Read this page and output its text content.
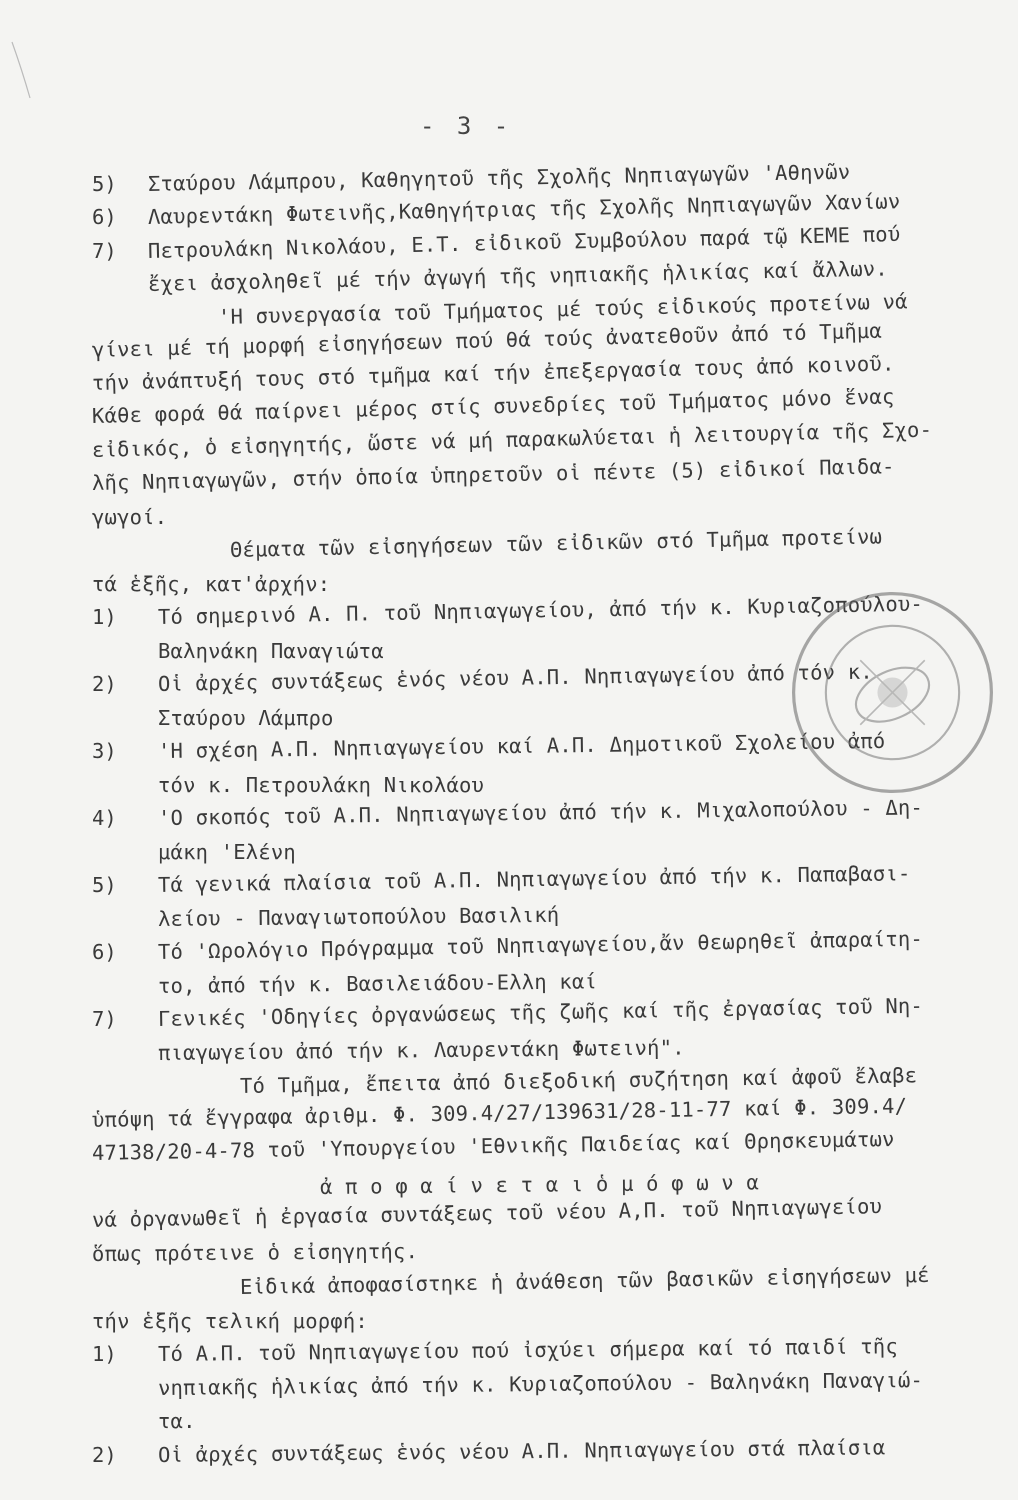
- 3 -
5) Σταύρου Λάμπρου, Καθηγητοῦ τῆς Σχολῆς Νηπιαγωγῶν 'Αθηνῶν
6) Λαυρεντάκη Φωτεινῆς,Καθηγήτριας τῆς Σχολῆς Νηπιαγωγῶν Χανίων
7) Πετρουλάκη Νικολάου, Ε.Τ. εἰδικοῦ Συμβούλου παρά τῷ ΚΕΜΕ πού
ἔχει ἀσχοληθεῖ μέ τήν ἀγωγή τῆς νηπιακῆς ἡλικίας καί ἄλλων.
'Η συνεργασία τοῦ Τμήματος μέ τούς εἰδικούς προτείνω νά
γίνει μέ τή μορφή εἰσηγήσεων πού θά τούς ἀνατεθοῦν ἀπό τό Τμῆμα
τήν ἀνάπτυξή τους στό τμῆμα καί τήν ἐπεξεργασία τους ἀπό κοινοῦ.
Κάθε φορά θά παίρνει μέρος στίς συνεδρίες τοῦ Τμήματος μόνο ἕνας
εἰδικός, ὁ εἰσηγητής, ὥστε νά μή παρακωλύεται ἡ λειτουργία τῆς Σχο-
λῆς Νηπιαγωγῶν, στήν ὁποία ὑπηρετοῦν οἱ πέντε (5) εἰδικοί Παιδα-
γωγοί.
Θέματα τῶν εἰσηγήσεων τῶν εἰδικῶν στό Τμῆμα προτείνω
τά ἑξῆς, κατ'ἀρχήν:
1) Τό σημερινό Α. Π. τοῦ Νηπιαγωγείου, ἀπό τήν κ. Κυριαζοπούλου-
Βαληνάκη Παναγιώτα
2) Οἱ ἀρχές συντάξεως ἑνός νέου Α.Π. Νηπιαγωγείου ἀπό τόν κ.
Σταύρου Λάμπρο
3) 'Η σχέση Α.Π. Νηπιαγωγείου καί Α.Π. Δημοτικοῦ Σχολείου ἀπό
τόν κ. Πετρουλάκη Νικολάου
4) 'Ο σκοπός τοῦ Α.Π. Νηπιαγωγείου ἀπό τήν κ. Μιχαλοπούλου - Δη-
μάκη 'Ελένη
5) Τά γενικά πλαίσια τοῦ Α.Π. Νηπιαγωγείου ἀπό τήν κ. Παπαβασι-
λείου - Παναγιωτοπούλου Βασιλική
6) Τό 'Ωρολόγιο Πρόγραμμα τοῦ Νηπιαγωγείου,ἄν θεωρηθεῖ ἀπαραίτη-
το, ἀπό τήν κ. Βασιλειάδου-Ελλη καί
7) Γενικές 'Οδηγίες ὀργανώσεως τῆς ζωῆς καί τῆς ἐργασίας τοῦ Νη-
πιαγωγείου ἀπό τήν κ. Λαυρεντάκη Φωτεινή".
Τό Τμῆμα, ἔπειτα ἀπό διεξοδική συζήτηση καί ἀφοῦ ἔλαβε
ὑπόψη τά ἔγγραφα ἀριθμ. Φ. 309.4/27/139631/28-11-77 καί Φ. 309.4/
47138/20-4-78 τοῦ 'Υπουργείου 'Εθνικῆς Παιδείας καί Θρησκευμάτων
ἀ π ο φ α ί ν ε τ α ι ὁ μ ό φ ω ν α
νά ὀργανωθεῖ ἡ ἐργασία συντάξεως τοῦ νέου Α,Π. τοῦ Νηπιαγωγείου
ὅπως πρότεινε ὁ εἰσηγητής.
Εἰδικά ἀποφασίστηκε ἡ ἀνάθεση τῶν βασικῶν εἰσηγήσεων μέ
τήν ἑξῆς τελική μορφή:
1) Τό Α.Π. τοῦ Νηπιαγωγείου πού ἰσχύει σήμερα καί τό παιδί τῆς
νηπιακῆς ἡλικίας ἀπό τήν κ. Κυριαζοπούλου - Βαληνάκη Παναγιώ-
τα.
2) Οἱ ἀρχές συντάξεως ἑνός νέου Α.Π. Νηπιαγωγείου στά πλαίσια
